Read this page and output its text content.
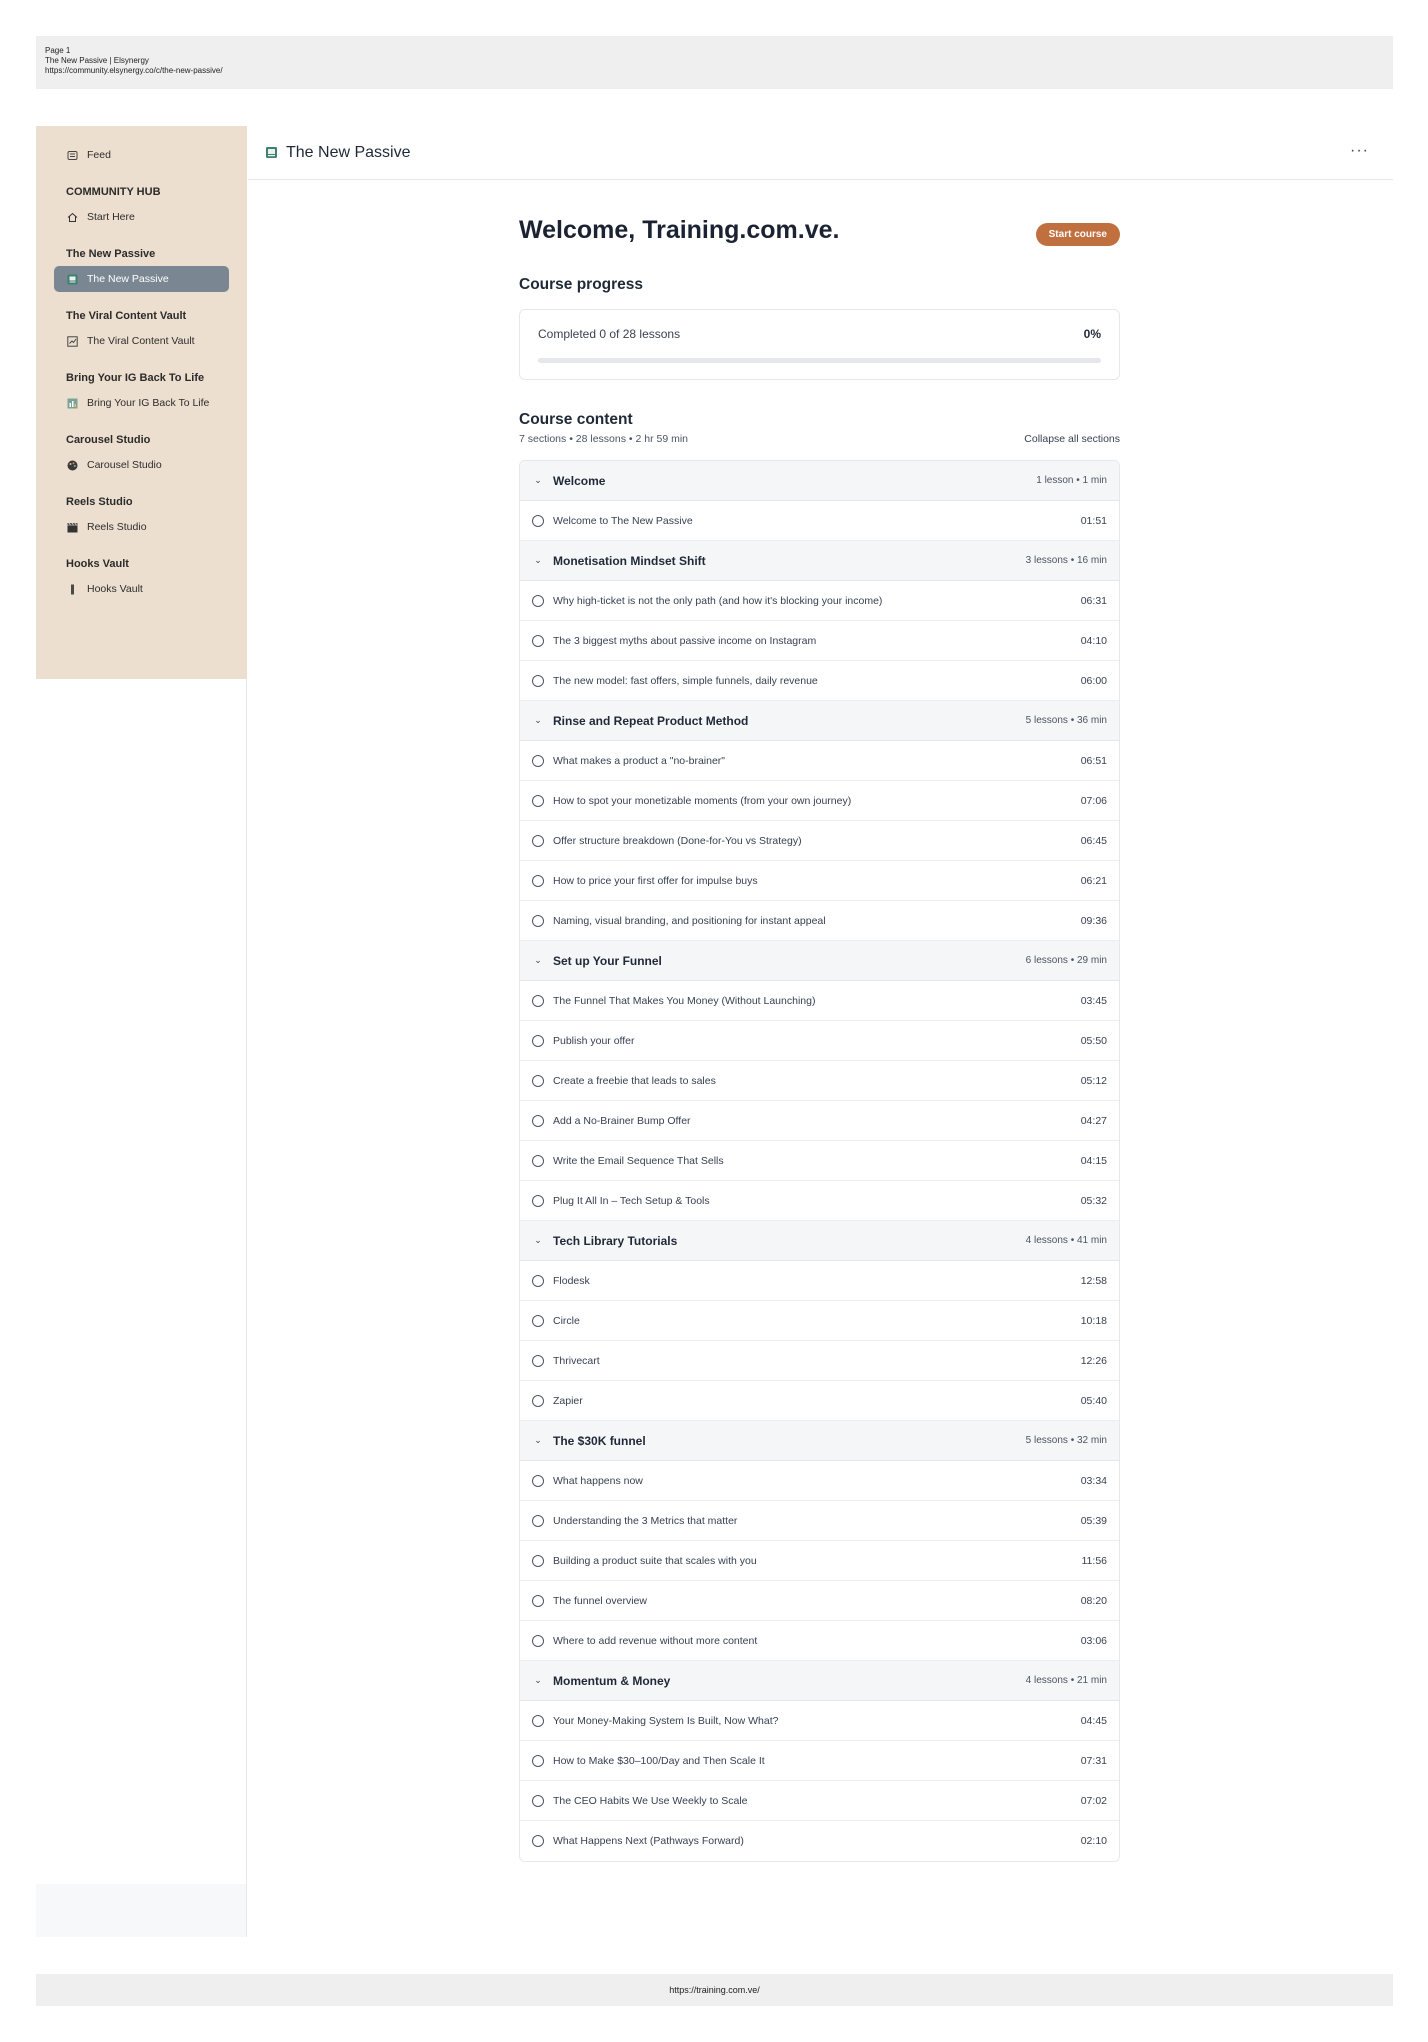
Page 1
The New Passive | Elsynergy
https://community.elsynergy.co/c/the-new-passive/
Feed
COMMUNITY HUB
Start Here
The New Passive
The New Passive
The Viral Content Vault
The Viral Content Vault
Bring Your IG Back To Life
Bring Your IG Back To Life
Carousel Studio
Carousel Studio
Reels Studio
Reels Studio
Hooks Vault
Hooks Vault
The New Passive	···
Welcome, Training.com.ve.	Start course
Course progress
Completed 0 of 28 lessons	0%
Course content
7 sections • 28 lessons • 2 hr 59 min	Collapse all sections
⌄ Welcome	1 lesson • 1 min
Welcome to The New Passive	01:51
⌄ Monetisation Mindset Shift	3 lessons • 16 min
Why high-ticket is not the only path (and how it's blocking your income)	06:31
The 3 biggest myths about passive income on Instagram	04:10
The new model: fast offers, simple funnels, daily revenue	06:00
⌄ Rinse and Repeat Product Method	5 lessons • 36 min
What makes a product a "no-brainer"	06:51
How to spot your monetizable moments (from your own journey)	07:06
Offer structure breakdown (Done-for-You vs Strategy)	06:45
How to price your first offer for impulse buys	06:21
Naming, visual branding, and positioning for instant appeal	09:36
⌄ Set up Your Funnel	6 lessons • 29 min
The Funnel That Makes You Money (Without Launching)	03:45
Publish your offer	05:50
Create a freebie that leads to sales	05:12
Add a No-Brainer Bump Offer	04:27
Write the Email Sequence That Sells	04:15
Plug It All In – Tech Setup & Tools	05:32
⌄ Tech Library Tutorials	4 lessons • 41 min
Flodesk	12:58
Circle	10:18
Thrivecart	12:26
Zapier	05:40
⌄ The $30K funnel	5 lessons • 32 min
What happens now	03:34
Understanding the 3 Metrics that matter	05:39
Building a product suite that scales with you	11:56
The funnel overview	08:20
Where to add revenue without more content	03:06
⌄ Momentum & Money	4 lessons • 21 min
Your Money-Making System Is Built, Now What?	04:45
How to Make $30–100/Day and Then Scale It	07:31
The CEO Habits We Use Weekly to Scale	07:02
What Happens Next (Pathways Forward)	02:10
https://training.com.ve/
